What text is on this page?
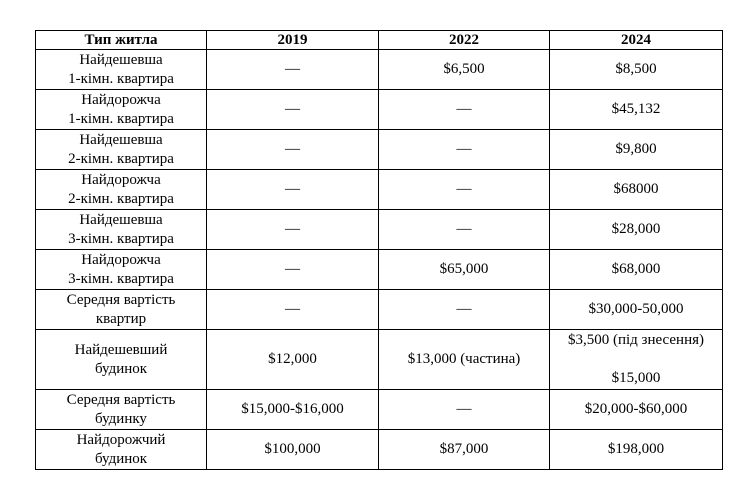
Тип житла	2019	2022	2024
Найдешевша
1-кімн. квартира	—	$6,500	$8,500
Найдорожча
1-кімн. квартира	—	—	$45,132
Найдешевша
2-кімн. квартира	—	—	$9,800
Найдорожча
2-кімн. квартира	—	—	$68000
Найдешевша
3-кімн. квартира	—	—	$28,000
Найдорожча
3-кімн. квартира	—	$65,000	$68,000
Середня вартість
квартир	—	—	$30,000-50,000
Найдешевший
будинок	$12,000	$13,000 (частина)	$3,500 (під знесення)
$15,000

Середня вартість
будинку	$15,000-$16,000	—	$20,000-$60,000
Найдорожчий
будинок	$100,000	$87,000	$198,000
